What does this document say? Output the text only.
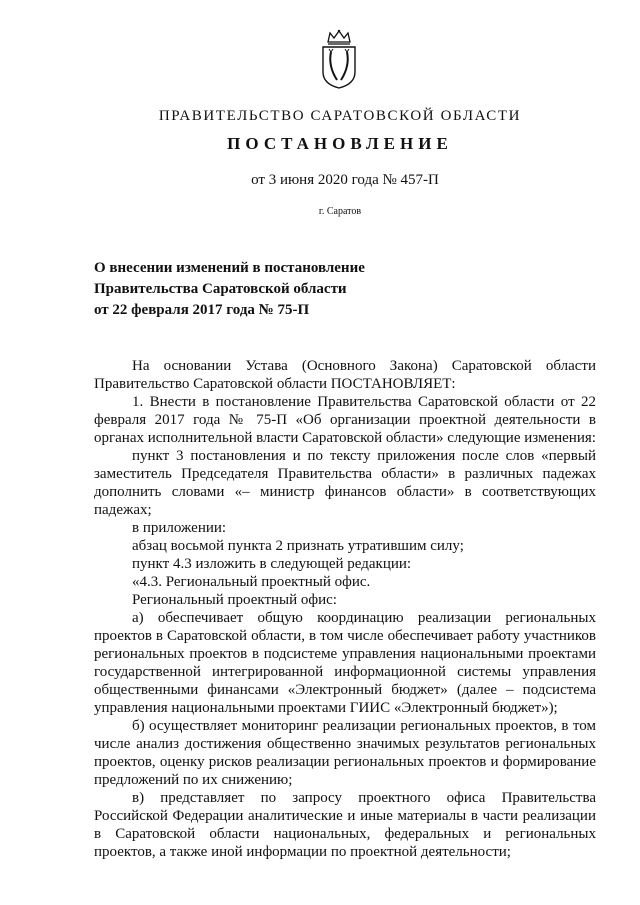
ПРАВИТЕЛЬСТВО САРАТОВСКОЙ ОБЛАСТИ
ПОСТАНОВЛЕНИЕ
от 3 июня 2020 года № 457-П
г. Саратов
О внесении изменений в постановление
Правительства Саратовской области
от 22 февраля 2017 года № 75-П

На основании Устава (Основного Закона) Саратовской области Правительство Саратовской области ПОСТАНОВЛЯЕТ:

1. Внести в постановление Правительства Саратовской области от 22 февраля 2017 года № 75-П «Об организации проектной деятельности в органах исполнительной власти Саратовской области» следующие изменения:

пункт 3 постановления и по тексту приложения после слов «первый заместитель Председателя Правительства области» в различных падежах дополнить словами «– министр финансов области» в соответствующих падежах;

в приложении:

абзац восьмой пункта 2 признать утратившим силу;

пункт 4.3 изложить в следующей редакции:

«4.3. Региональный проектный офис.

Региональный проектный офис:

а) обеспечивает общую координацию реализации региональных проектов в Саратовской области, в том числе обеспечивает работу участников региональных проектов в подсистеме управления национальными проектами государственной интегрированной информационной системы управления общественными финансами «Электронный бюджет» (далее – подсистема управления национальными проектами ГИИС «Электронный бюджет»);

б) осуществляет мониторинг реализации региональных проектов, в том числе анализ достижения общественно значимых результатов региональных проектов, оценку рисков реализации региональных проектов и формирование предложений по их снижению;

в) представляет по запросу проектного офиса Правительства Российской Федерации аналитические и иные материалы в части реализации в Саратовской области национальных, федеральных и региональных проектов, а также иной информации по проектной деятельности;
